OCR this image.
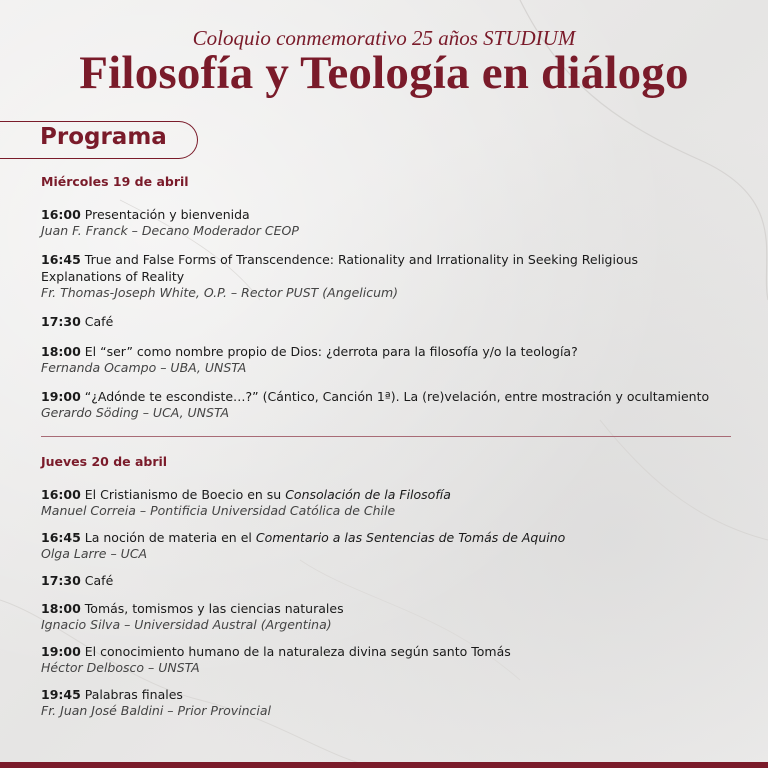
Coloquio conmemorativo 25 años STUDIUM
Filosofía y Teología en diálogo
Programa
Miércoles 19 de abril
16:00 Presentación y bienvenida
Juan F. Franck – Decano Moderador CEOP
16:45 True and False Forms of Transcendence: Rationality and Irrationality in Seeking Religious
Explanations of Reality
Fr. Thomas-Joseph White, O.P. – Rector PUST (Angelicum)
17:30 Café
18:00 El “ser” como nombre propio de Dios: ¿derrota para la filosofía y/o la teología?
Fernanda Ocampo – UBA, UNSTA
19:00 “¿Adónde te escondiste…?” (Cántico, Canción 1ª). La (re)velación, entre mostración y ocultamiento
Gerardo Söding – UCA, UNSTA
Jueves 20 de abril
16:00 El Cristianismo de Boecio en su Consolación de la Filosofía
Manuel Correia – Pontificia Universidad Católica de Chile
16:45 La noción de materia en el Comentario a las Sentencias de Tomás de Aquino
Olga Larre – UCA
17:30 Café
18:00 Tomás, tomismos y las ciencias naturales
Ignacio Silva – Universidad Austral (Argentina)
19:00 El conocimiento humano de la naturaleza divina según santo Tomás
Héctor Delbosco – UNSTA
19:45 Palabras finales
Fr. Juan José Baldini – Prior Provincial
